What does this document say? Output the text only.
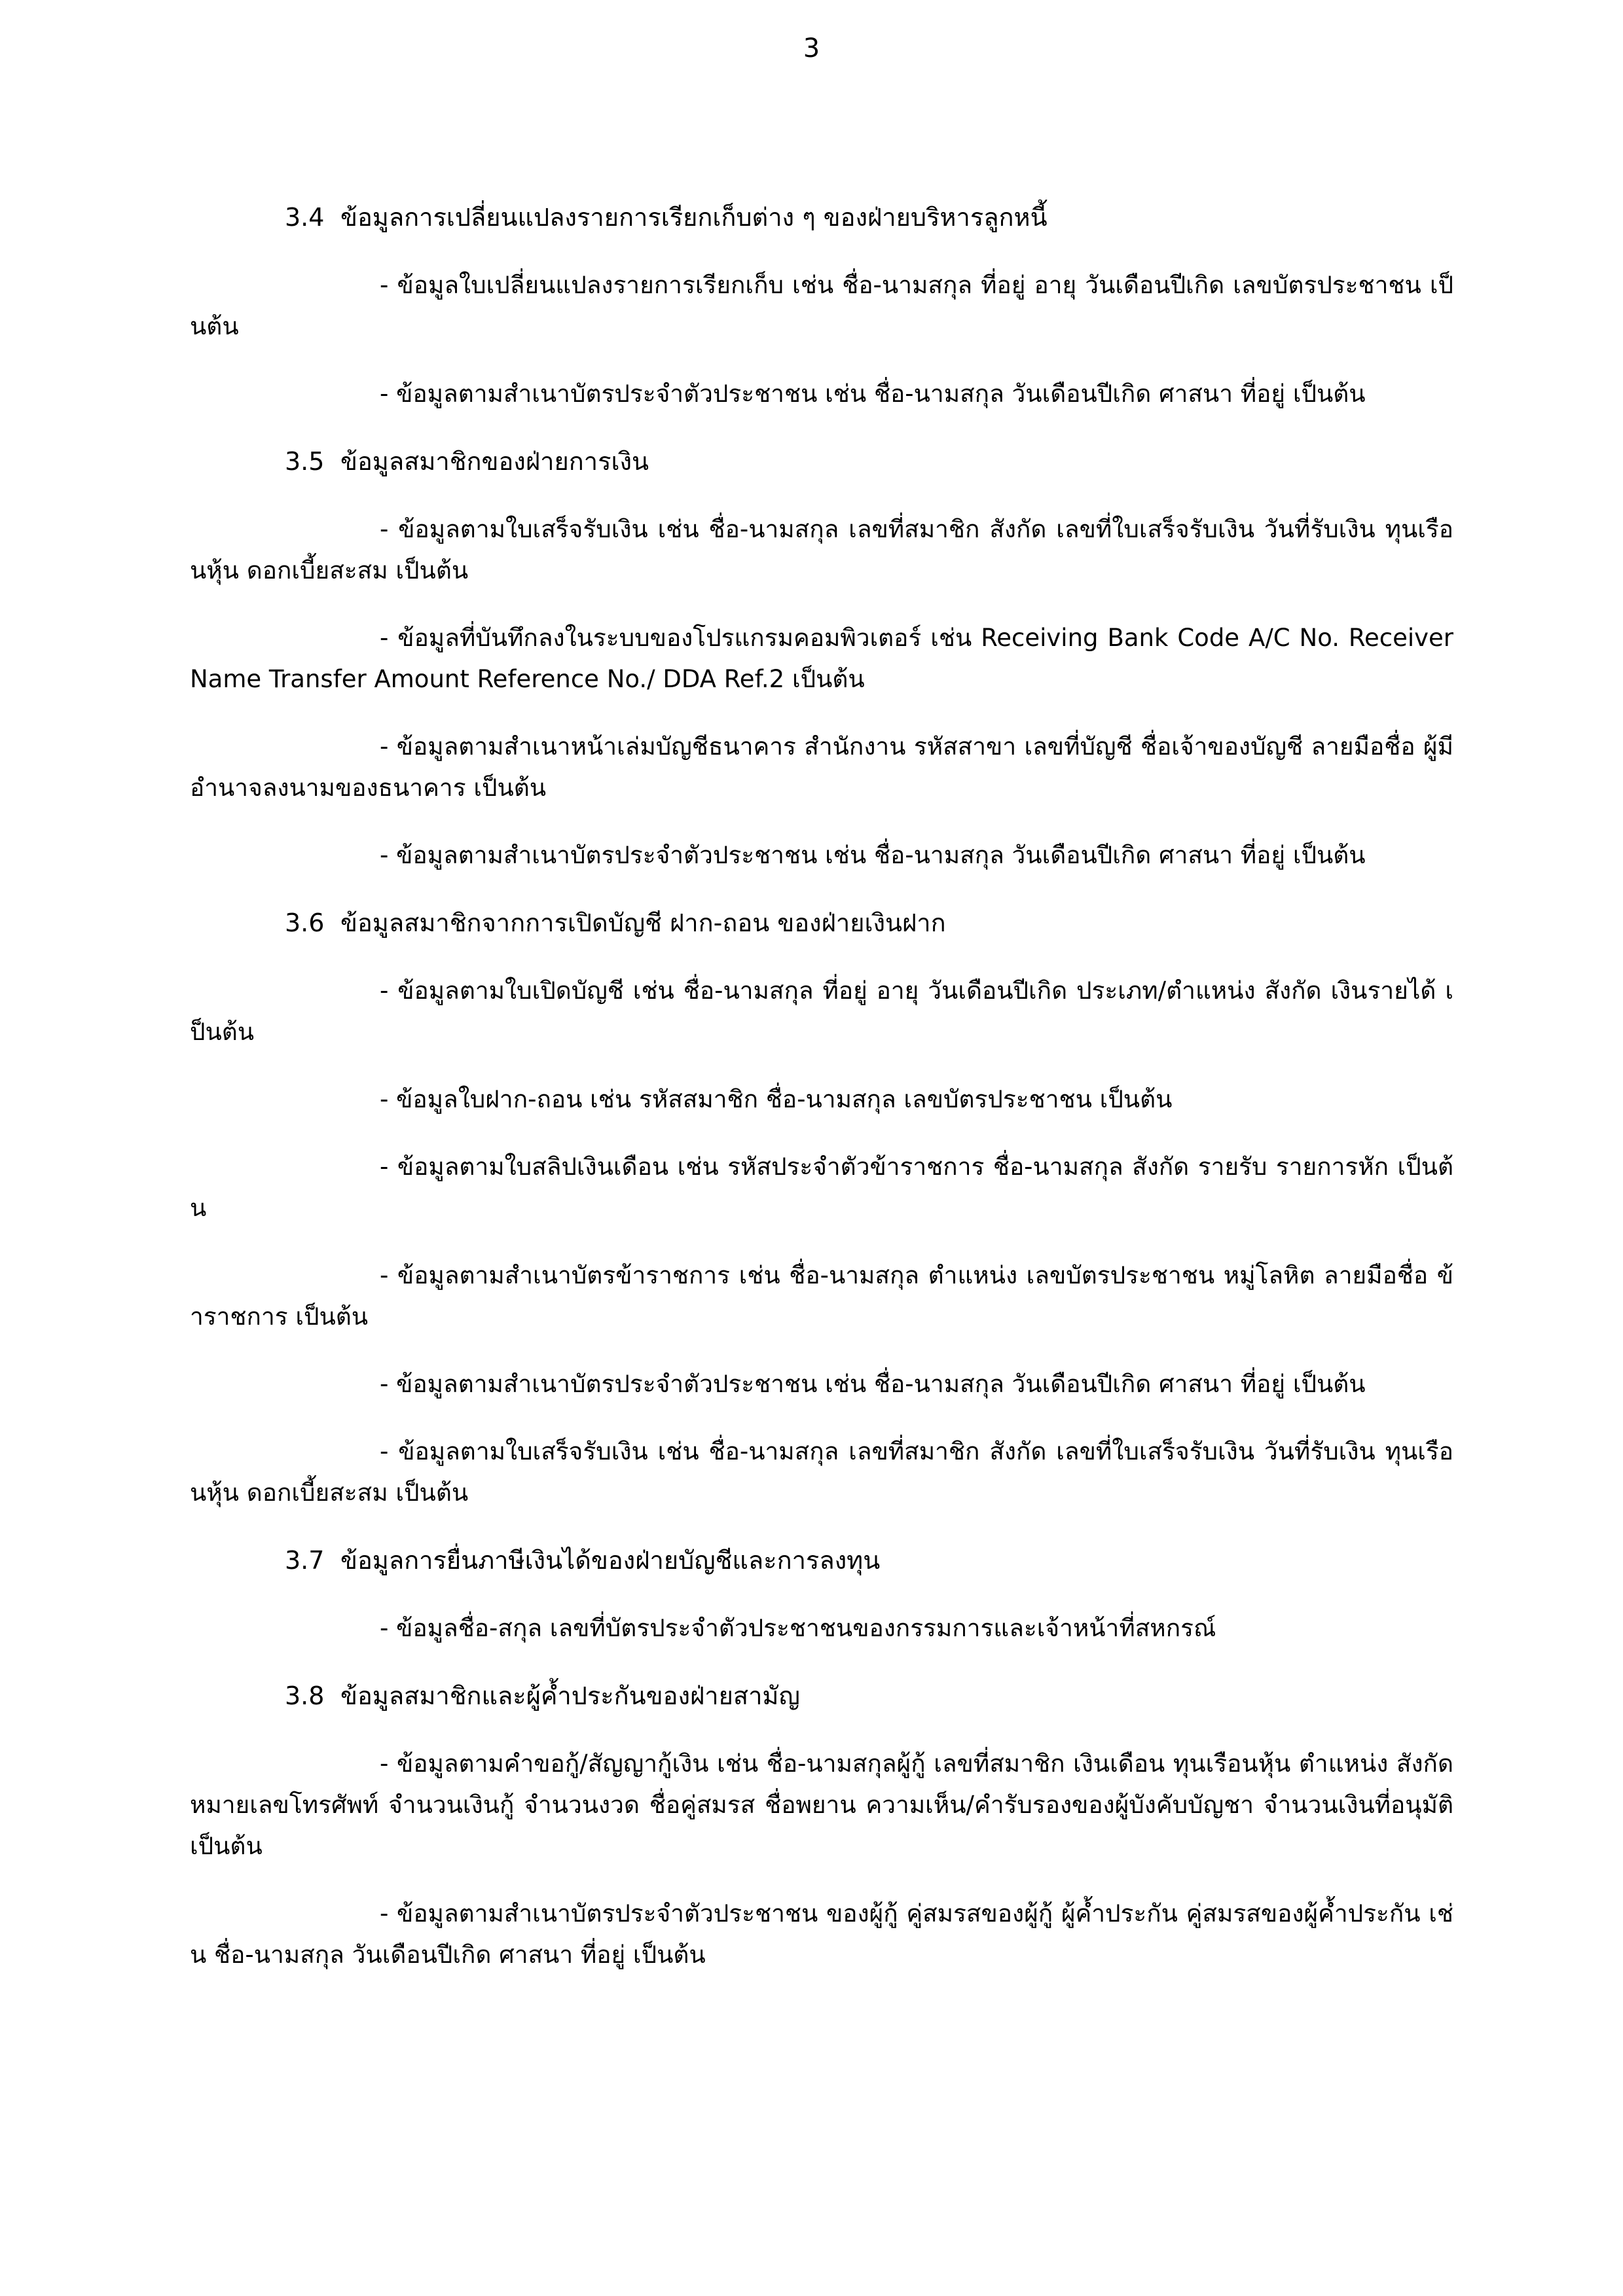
3
3.4 ข้อมูลการเปลี่ยนแปลงรายการเรียกเก็บต่าง ๆ ของฝ่ายบริหารลูกหนี้
- ข้อมูลใบเปลี่ยนแปลงรายการเรียกเก็บ เช่น ชื่อ-นามสกุล ที่อยู่ อายุ วันเดือนปีเกิด เลขบัตรประชาชน เป็นต้น
- ข้อมูลตามสำเนาบัตรประจำตัวประชาชน เช่น ชื่อ-นามสกุล วันเดือนปีเกิด ศาสนา ที่อยู่ เป็นต้น
3.5 ข้อมูลสมาชิกของฝ่ายการเงิน
- ข้อมูลตามใบเสร็จรับเงิน เช่น ชื่อ-นามสกุล เลขที่สมาชิก สังกัด เลขที่ใบเสร็จรับเงิน วันที่รับเงิน ทุนเรือนหุ้น ดอกเบี้ยสะสม เป็นต้น
- ข้อมูลที่บันทึกลงในระบบของโปรแกรมคอมพิวเตอร์ เช่น Receiving Bank Code A/C No. Receiver Name Transfer Amount Reference No./ DDA Ref.2 เป็นต้น
- ข้อมูลตามสำเนาหน้าเล่มบัญชีธนาคาร สำนักงาน รหัสสาขา เลขที่บัญชี ชื่อเจ้าของบัญชี ลายมือชื่อ ผู้มีอำนาจลงนามของธนาคาร เป็นต้น
- ข้อมูลตามสำเนาบัตรประจำตัวประชาชน เช่น ชื่อ-นามสกุล วันเดือนปีเกิด ศาสนา ที่อยู่ เป็นต้น
3.6 ข้อมูลสมาชิกจากการเปิดบัญชี ฝาก-ถอน ของฝ่ายเงินฝาก
- ข้อมูลตามใบเปิดบัญชี เช่น ชื่อ-นามสกุล ที่อยู่ อายุ วันเดือนปีเกิด ประเภท/ตำแหน่ง สังกัด เงินรายได้ เป็นต้น
- ข้อมูลใบฝาก-ถอน เช่น รหัสสมาชิก ชื่อ-นามสกุล เลขบัตรประชาชน เป็นต้น
- ข้อมูลตามใบสลิปเงินเดือน เช่น รหัสประจำตัวข้าราชการ ชื่อ-นามสกุล สังกัด รายรับ รายการหัก เป็นต้น
- ข้อมูลตามสำเนาบัตรข้าราชการ เช่น ชื่อ-นามสกุล ตำแหน่ง เลขบัตรประชาชน หมู่โลหิต ลายมือชื่อ ข้าราชการ เป็นต้น
- ข้อมูลตามสำเนาบัตรประจำตัวประชาชน เช่น ชื่อ-นามสกุล วันเดือนปีเกิด ศาสนา ที่อยู่ เป็นต้น
- ข้อมูลตามใบเสร็จรับเงิน เช่น ชื่อ-นามสกุล เลขที่สมาชิก สังกัด เลขที่ใบเสร็จรับเงิน วันที่รับเงิน ทุนเรือนหุ้น ดอกเบี้ยสะสม เป็นต้น
3.7 ข้อมูลการยื่นภาษีเงินได้ของฝ่ายบัญชีและการลงทุน
- ข้อมูลชื่อ-สกุล เลขที่บัตรประจำตัวประชาชนของกรรมการและเจ้าหน้าที่สหกรณ์
3.8 ข้อมูลสมาชิกและผู้ค้ำประกันของฝ่ายสามัญ
- ข้อมูลตามคำขอกู้/สัญญากู้เงิน เช่น ชื่อ-นามสกุลผู้กู้ เลขที่สมาชิก เงินเดือน ทุนเรือนหุ้น ตำแหน่ง สังกัด หมายเลขโทรศัพท์ จำนวนเงินกู้ จำนวนงวด ชื่อคู่สมรส ชื่อพยาน ความเห็น/คำรับรองของผู้บังคับบัญชา จำนวนเงินที่อนุมัติ เป็นต้น
- ข้อมูลตามสำเนาบัตรประจำตัวประชาชน ของผู้กู้ คู่สมรสของผู้กู้ ผู้ค้ำประกัน คู่สมรสของผู้ค้ำประกัน เช่น ชื่อ-นามสกุล วันเดือนปีเกิด ศาสนา ที่อยู่ เป็นต้น
